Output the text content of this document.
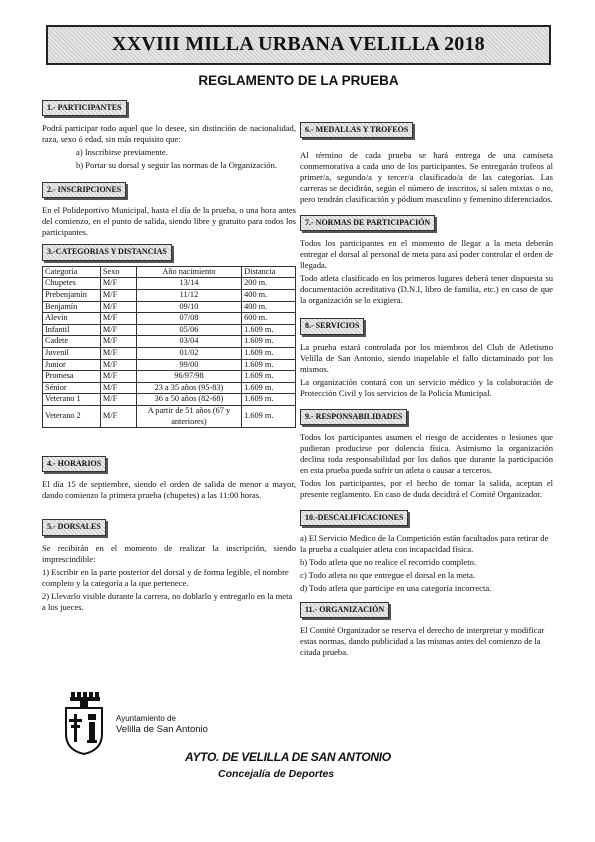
XXVIII MILLA URBANA VELILLA 2018
REGLAMENTO DE LA PRUEBA
1.- PARTICIPANTES

Podrá participar todo aquel que lo desee, sin distinción de nacionalidad, raza, sexo ó edad, sin más requisito que:

a) Inscribirse previamente.

b) Portar su dorsal y seguir las normas de la Organización.

2.- INSCRIPCIONES

En el Polideportivo Municipal, hasta el día de la prueba, o una hora antes del comienzo, en el punto de salida, siendo libre y gratuito para todos los participantes.

3.-CATEGORIAS Y DISTANCIAS
Categoría	Sexo	Año nacimiento	Distancia
Chupetes	M/F	13/14	200 m.
Prebenjamín	M/F	11/12	400 m.
Benjamín	M/F	09/10	400 m.
Alevín	M/F	07/08	600 m.
Infantil	M/F	05/06	1.609 m.
Cadete	M/F	03/04	1.609 m.
Juvenil	M/F	01/02	1.609 m.
Junior	M/F	99/00	1.609 m.
Promesa	M/F	96/97/98	1.609 m.
Sénior	M/F	23 a 35 años (95-83)	1.609 m.
Veterano 1	M/F	36 a 50 años (82-68)	1.609 m.
Veterano 2	M/F	A partir de 51 años (67 y anteriores)	1.609 m.
4.- HORARIOS

El día 15 de septiembre, siendo el orden de salida de menor a mayor, dando comienzo la primera prueba (chupetes) a las 11:00 horas.

5.- DORSALES

Se recibirán en el momento de realizar la inscripción, siendo imprescindible:

1) Escribir en la parte posterior del dorsal y de forma legible, el nombre completo y la categoría a la que pertenece.

2) Llevarlo visible durante la carrera, no doblarlo y entregarlo en la meta a los jueces.

6.- MEDALLAS Y TROFEOS

Al término de cada prueba se hará entrega de una camiseta conmemorativa a cada uno de los participantes. Se entregarán trofeos al primer/a, segundo/a y tercer/a clasificado/a de las categorías. Las carreras se decidirán, según el número de inscritos, si salen mixtas o no, pero tendrán clasificación y pódium masculino y femenino diferenciados.

7.- NORMAS DE PARTICIPACIÓN

Todos los participantes en el momento de llegar a la meta deberán entregar el dorsal al personal de meta para así poder controlar el orden de llegada.

Todo atleta clasificado en los primeros lugares deberá tener dispuesta su documentación acreditativa (D.N.I, libro de familia, etc.) en caso de que la organización se lo exigiera.

8.- SERVICIOS

La prueba estará controlada por los miembros del Club de Atletismo Velilla de San Antonio, siendo inapelable el fallo dictaminado por los mismos.

La organización contará con un servicio médico y la colaboración de Protección Civil y los servicios de la Policía Municipal.

9.- RESPONSABILIDADES

Todos los participantes asumen el riesgo de accidentes o lesiones que pudieran producirse por dolencia física. Asimismo la organización declina toda responsabilidad por los daños que durante la participación en esta prueba pueda sufrir un atleta o causar a terceros.

Todos los participantes, por el hecho de tomar la salida, aceptan el presente reglamento. En caso de duda decidirá el Comité Organizador.

10.-DESCALIFICACIONES

a) El Servicio Medico de la Competición están facultados para retirar de la prueba a cualquier atleta con incapacidad física.

b) Todo atleta que no realice el recorrido completo.

c) Todo atleta no que entregue el dorsal en la meta.

d) Todo atleta que participe en una categoría incorrecta.

11.- ORGANIZACIÓN

El Comité Organizador se reserva el derecho de interpretar y modificar estas normas, dando publicidad a las mismas antes del comienzo de la citada prueba.

Ayuntamiento de
Velilla de San Antonio
AYTO. DE VELILLA DE SAN ANTONIO
Concejalía de Deportes
